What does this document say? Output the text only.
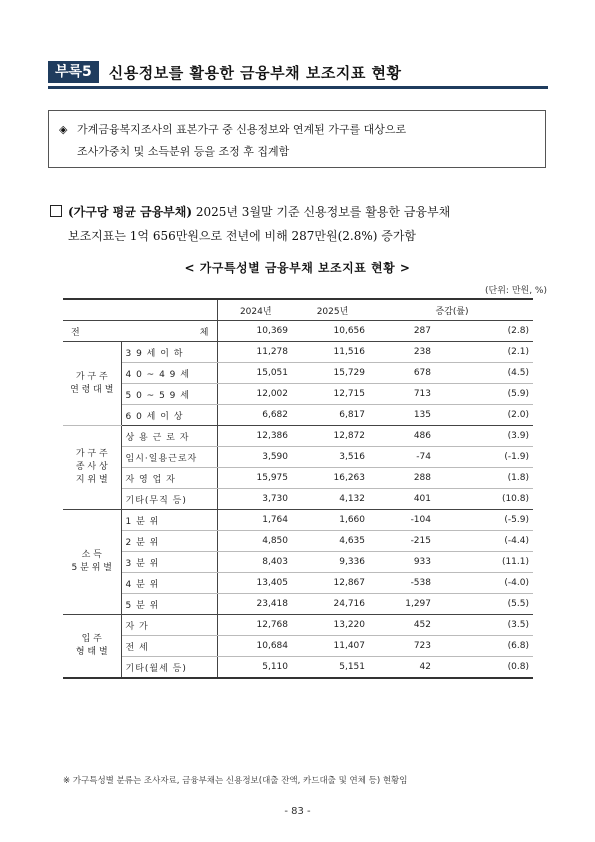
부록5	신용정보를 활용한 금융부채 보조지표 현황
◈ 가계금융복지조사의 표본가구 중 신용정보와 연계된 가구를 대상으로
조사가중치 및 소득분위 등을 조정 후 집계함
(가구당 평균 금융부채) 2025년 3월말 기준 신용정보를 활용한 금융부채
보조지표는 1억 656만원으로 전년에 비해 287만원(2.8%) 증가함
< 가구특성별 금융부채 보조지표 현황 >
(단위: 만원, %)
		2024년	2025년	증감(률)	

전 체		10,369	10,656	287	(2.8)

가 구 주
연 령 대 별	3 9 세 이 하	11,278	11,516	238	(2.1)
	4 0 ~ 4 9 세	15,051	15,729	678	(4.5)
	5 0 ~ 5 9 세	12,002	12,715	713	(5.9)
	6 0 세 이 상	6,682	6,817	135	(2.0)

가 구 주
종 사 상
지 위 별	상 용 근 로 자	12,386	12,872	486	(3.9)
	임시·일용근로자	3,590	3,516	-74	(-1.9)
	자 영 업 자	15,975	16,263	288	(1.8)
	기타(무직 등)	3,730	4,132	401	(10.8)

소 득
5 분 위 별	1 분 위	1,764	1,660	-104	(-5.9)
	2 분 위	4,850	4,635	-215	(-4.4)
	3 분 위	8,403	9,336	933	(11.1)
	4 분 위	13,405	12,867	-538	(-4.0)
	5 분 위	23,418	24,716	1,297	(5.5)

입 주
형 태 별	자 가	12,768	13,220	452	(3.5)
	전 세	10,684	11,407	723	(6.8)
	기타(월세 등)	5,110	5,151	42	(0.8)
※ 가구특성별 분류는 조사자료, 금융부채는 신용정보(대출 잔액, 카드대출 및 연체 등) 현황임
- 83 -
